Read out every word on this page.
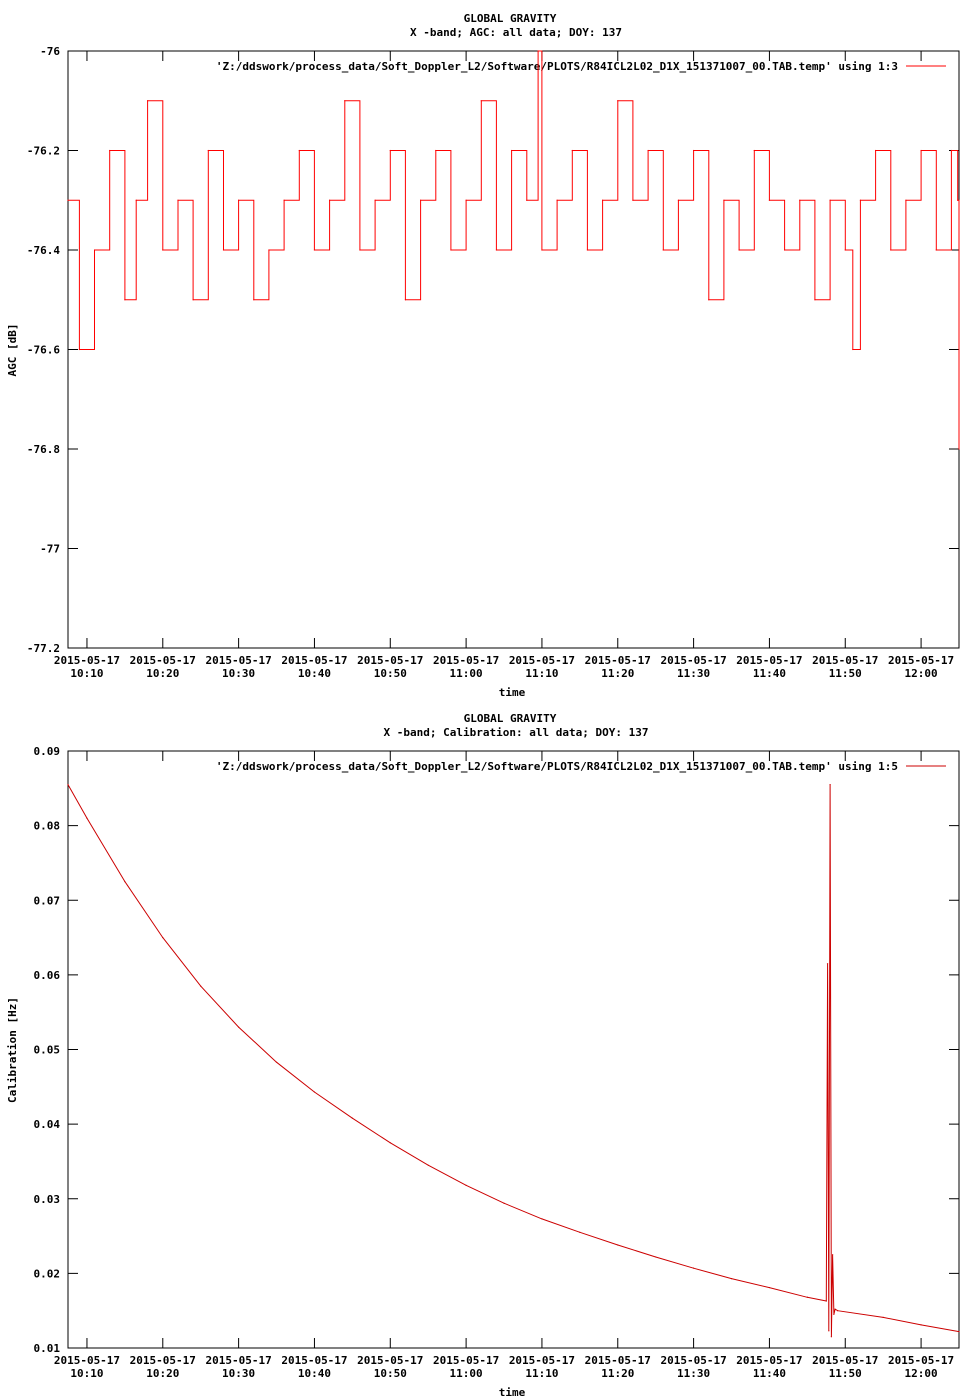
GLOBAL GRAVITY
X -band; AGC: all data; DOY: 137
'Z:/ddswork/process_data/Soft_Doppler_L2/Software/PLOTS/R84ICL2L02_D1X_151371007_00.TAB.temp' using 1:3
time
AGC [dB]
-76
-76.2
-76.4
-76.6
-76.8
-77
-77.2
2015-05-17
10:10
2015-05-17
10:20
2015-05-17
10:30
2015-05-17
10:40
2015-05-17
10:50
2015-05-17
11:00
2015-05-17
11:10
2015-05-17
11:20
2015-05-17
11:30
2015-05-17
11:40
2015-05-17
11:50
2015-05-17
12:00
GLOBAL GRAVITY
X -band; Calibration: all data; DOY: 137
'Z:/ddswork/process_data/Soft_Doppler_L2/Software/PLOTS/R84ICL2L02_D1X_151371007_00.TAB.temp' using 1:5
time
Calibration [Hz]
0.09
0.08
0.07
0.06
0.05
0.04
0.03
0.02
0.01
2015-05-17
10:10
2015-05-17
10:20
2015-05-17
10:30
2015-05-17
10:40
2015-05-17
10:50
2015-05-17
11:00
2015-05-17
11:10
2015-05-17
11:20
2015-05-17
11:30
2015-05-17
11:40
2015-05-17
11:50
2015-05-17
12:00
